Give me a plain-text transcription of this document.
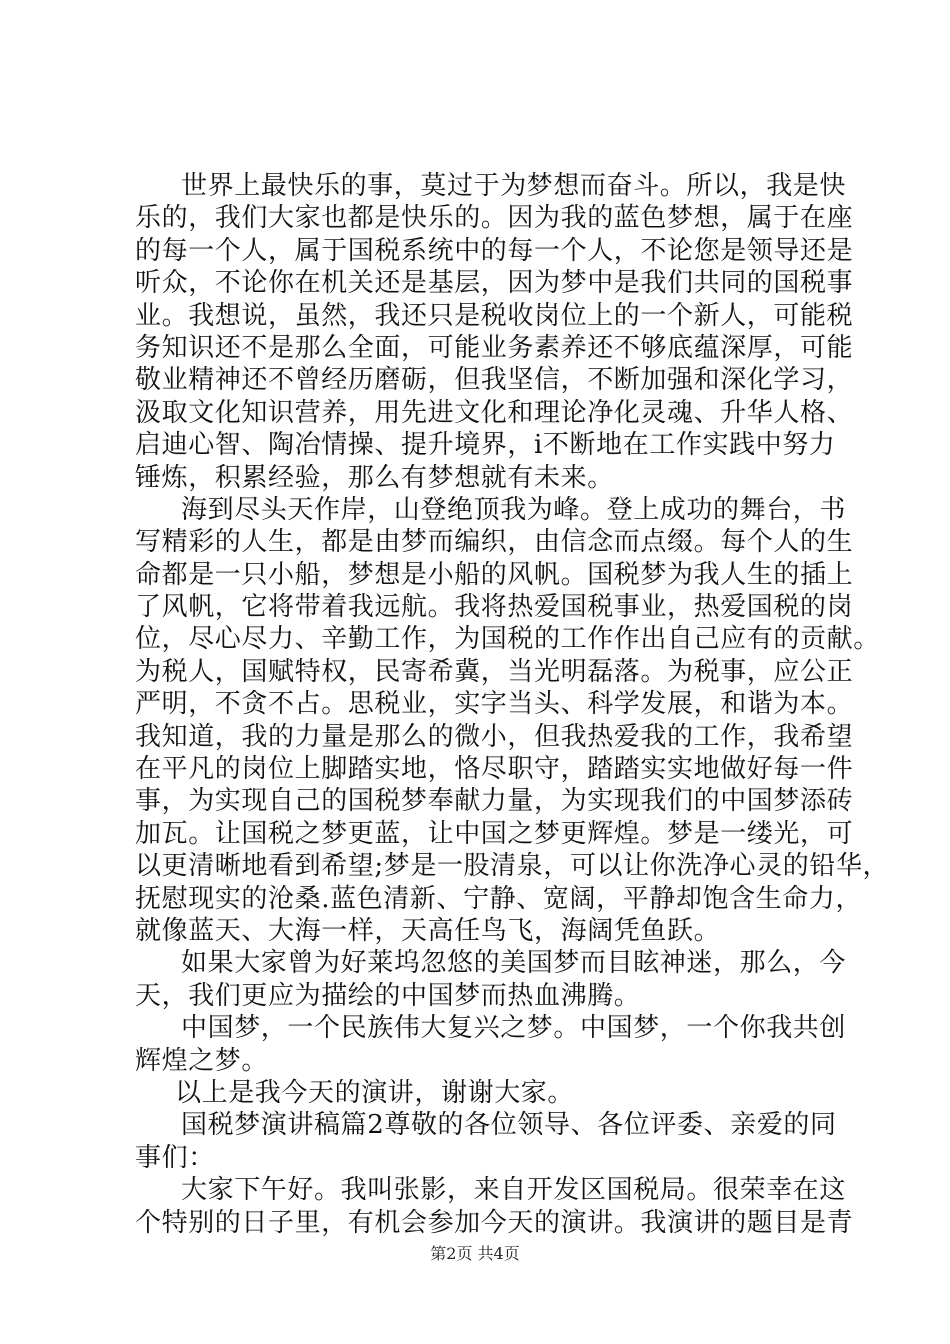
世界上最快乐的事，莫过于为梦想而奋斗。所以，我是快
乐的，我们大家也都是快乐的。因为我的蓝色梦想，属于在座
的每一个人，属于国税系统中的每一个人，不论您是领导还是
听众，不论你在机关还是基层，因为梦中是我们共同的国税事
业。我想说，虽然，我还只是税收岗位上的一个新人，可能税
务知识还不是那么全面，可能业务素养还不够底蕴深厚，可能
敬业精神还不曾经历磨砺，但我坚信，不断加强和深化学习，
汲取文化知识营养，用先进文化和理论净化灵魂、升华人格、
启迪心智、陶冶情操、提升境界，i不断地在工作实践中努力
锤炼，积累经验，那么有梦想就有未来。
海到尽头天作岸，山登绝顶我为峰。登上成功的舞台，书
写精彩的人生，都是由梦而编织，由信念而点缀。每个人的生
命都是一只小船，梦想是小船的风帆。国税梦为我人生的插上
了风帆，它将带着我远航。我将热爱国税事业，热爱国税的岗
位，尽心尽力、辛勤工作，为国税的工作作出自己应有的贡献。
为税人，国赋特权，民寄希冀，当光明磊落。为税事，应公正
严明，不贪不占。思税业，实字当头、科学发展，和谐为本。
我知道，我的力量是那么的微小，但我热爱我的工作，我希望
在平凡的岗位上脚踏实地，恪尽职守，踏踏实实地做好每一件
事，为实现自己的国税梦奉献力量，为实现我们的中国梦添砖
加瓦。让国税之梦更蓝，让中国之梦更辉煌。梦是一缕光，可
以更清晰地看到希望;梦是一股清泉，可以让你洗净心灵的铅华，
抚慰现实的沧桑.蓝色清新、宁静、宽阔，平静却饱含生命力，
就像蓝天、大海一样，天高任鸟飞，海阔凭鱼跃。
如果大家曾为好莱坞忽悠的美国梦而目眩神迷，那么，今
天，我们更应为描绘的中国梦而热血沸腾。
中国梦，一个民族伟大复兴之梦。中国梦，一个你我共创
辉煌之梦。
以上是我今天的演讲，谢谢大家。
国税梦演讲稿篇2尊敬的各位领导、各位评委、亲爱的同
事们：
大家下午好。我叫张影，来自开发区国税局。很荣幸在这
个特别的日子里，有机会参加今天的演讲。我演讲的题目是青
第2页 共4页
